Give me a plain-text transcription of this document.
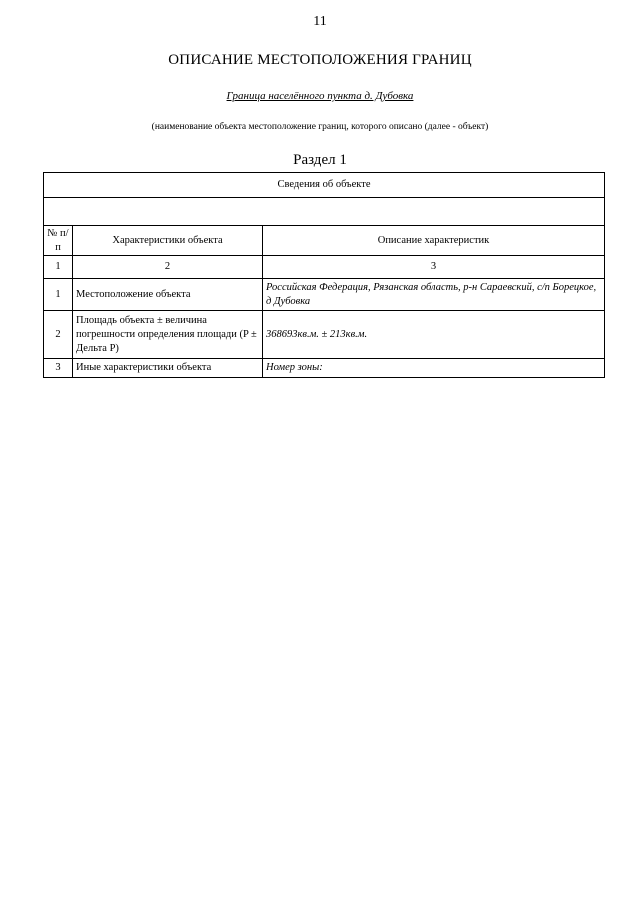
11
ОПИСАНИЕ МЕСТОПОЛОЖЕНИЯ ГРАНИЦ
Граница населённого пункта д. Дубовка
(наименование объекта местоположение границ, которого описано (далее - объект)
Раздел 1
Сведения об объекте		

№ п/п	Характеристики объекта	Описание характеристик
1	2	3
1	Местоположение объекта	Российская Федерация, Рязанская область, р-н Сараевский, с/п Борецкое, д Дубовка
2	Площадь объекта ± величина погрешности определения площади (P ± Дельта P)	368693кв.м. ± 213кв.м.
3	Иные характеристики объекта	Номер зоны:
